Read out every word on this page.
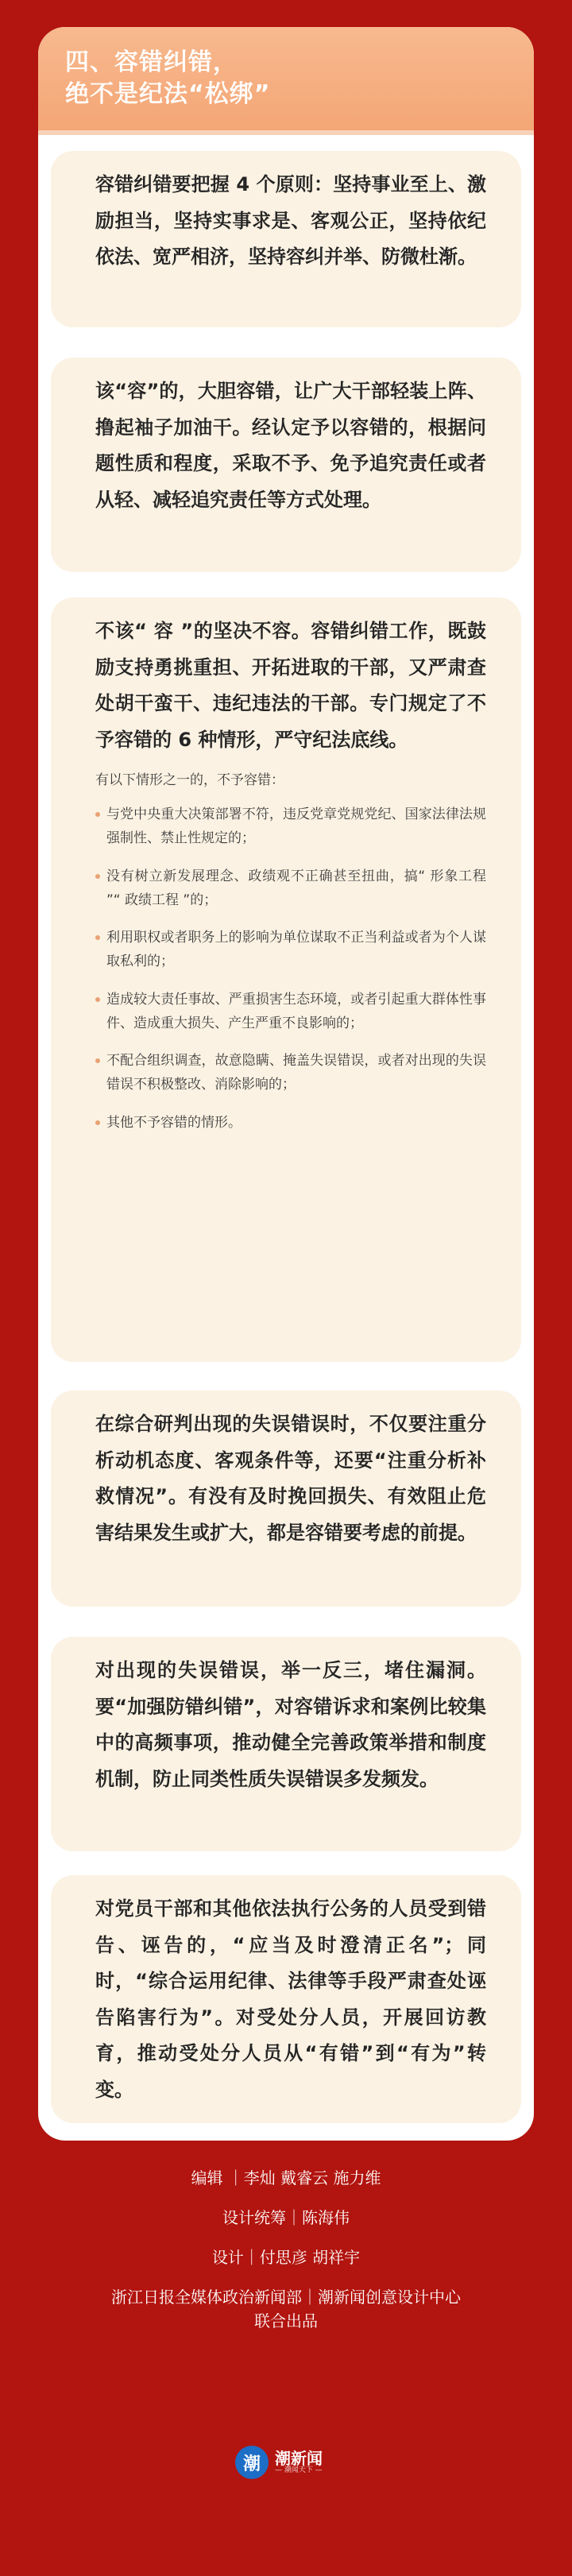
四、容错纠错，
绝不是纪法“松绑”

容错纠错要把握 4 个原则：坚持事业至上、激励担当，坚持实事求是、客观公正，坚持依纪依法、宽严相济，坚持容纠并举、防微杜渐。

该“容”的，大胆容错，让广大干部轻装上阵、撸起袖子加油干。经认定予以容错的，根据问题性质和程度，采取不予、免予追究责任或者从轻、减轻追究责任等方式处理。

不该“ 容 ”的坚决不容。容错纠错工作，既鼓励支持勇挑重担、开拓进取的干部，又严肃查处胡干蛮干、违纪违法的干部。专门规定了不予容错的 6 种情形，严守纪法底线。

有以下情形之一的，不予容错：
与党中央重大决策部署不符，违反党章党规党纪、国家法律法规强制性、禁止性规定的；
没有树立新发展理念、政绩观不正确甚至扭曲，搞“ 形象工程 ”“ 政绩工程 ”的；
利用职权或者职务上的影响为单位谋取不正当利益或者为个人谋取私利的；
造成较大责任事故、严重损害生态环境，或者引起重大群体性事件、造成重大损失、产生严重不良影响的；
不配合组织调查，故意隐瞒、掩盖失误错误，或者对出现的失误错误不积极整改、消除影响的；
其他不予容错的情形。

在综合研判出现的失误错误时，不仅要注重分析动机态度、客观条件等，还要“注重分析补救情况”。有没有及时挽回损失、有效阻止危害结果发生或扩大，都是容错要考虑的前提。

对出现的失误错误，举一反三，堵住漏洞。要“加强防错纠错”，对容错诉求和案例比较集中的高频事项，推动健全完善政策举措和制度机制，防止同类性质失误错误多发频发。

对党员干部和其他依法执行公务的人员受到错告、诬告的，“应当及时澄清正名”；同时，“综合运用纪律、法律等手段严肃查处诬告陷害行为”。对受处分人员，开展回访教育，推动受处分人员从“有错”到“有为”转变。

编辑 ｜李灿 戴睿云 施力维
设计统筹｜陈海伟
设计｜付思彦 胡祥宇
浙江日报全媒体政治新闻部｜潮新闻创意设计中心
联合出品
潮 潮新闻
— 潮闻天下 —
